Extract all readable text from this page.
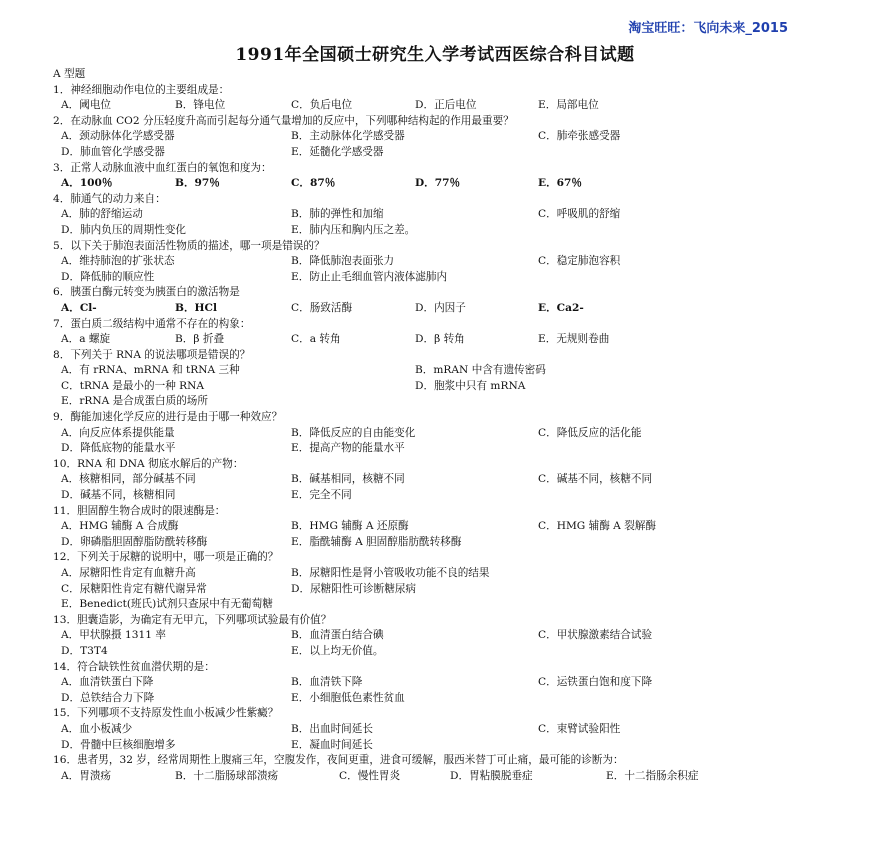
淘宝旺旺：飞向未来_2015
1991年全国硕士研究生入学考试西医综合科目试题
A 型题
1．神经细胞动作电位的主要组成是：
A．阈电位	B．锋电位	C．负后电位	D．正后电位	E．局部电位
2．在动脉血 CO2 分压轻度升高而引起每分通气量增加的反应中，下列哪种结构起的作用最重要？
A．颈动脉体化学感受器	B．主动脉体化学感受器	C．肺牵张感受器
D．肺血管化学感受器	E．延髓化学感受器
3．正常人动脉血液中血红蛋白的氧饱和度为：
A．100％	B．97％	C．87％	D．77％	E．67％
4．肺通气的动力来自：
A．肺的舒缩运动	B．肺的弹性和加缩	C．呼吸肌的舒缩
D．肺内负压的周期性变化	E．肺内压和胸内压之差。
5．以下关于肺泡表面活性物质的描述，哪一项是错误的？
A．维持肺泡的扩张状态	B．降低肺泡表面张力	C．稳定肺泡容积
D．降低肺的顺应性	E．防止止毛细血管内液体滤肺内
6．胰蛋白酶元转变为胰蛋白的激活物是
A．Cl-	B．HCl	C．肠致活酶	D．内因子	E．Ca2-
7．蛋白质二级结构中通常不存在的构象：
A．a 螺旋	B．β 折叠	C．a 转角	D．β 转角	E．无规则卷曲
8．下列关于 RNA 的说法哪项是错误的？
A．有 rRNA、mRNA 和 tRNA 三种	B．mRAN 中含有遗传密码
C．tRNA 是最小的一种 RNA	D．胞浆中只有 mRNA
E．rRNA 是合成蛋白质的场所
9．酶能加速化学反应的进行是由于哪一种效应？
A．向反应体系提供能量	B．降低反应的自由能变化	C．降低反应的活化能
D．降低底物的能量水平	E．提高产物的能量水平
10．RNA 和 DNA 彻底水解后的产物：
A．核糖相同，部分碱基不同	B．碱基相同，核糖不同	C．碱基不同，核糖不同
D．碱基不同，核糖相同	E．完全不同
11．胆固醇生物合成时的限速酶是：
A．HMG 辅酶 A 合成酶	B．HMG 辅酶 A 还原酶	C．HMG 辅酶 A 裂解酶
D．卵磷脂胆固醇脂防酰转移酶	E．脂酰辅酶 A 胆固醇脂肪酰转移酶
12．下列关于尿糖的说明中，哪一项是正确的？
A．尿糖阳性肯定有血糖升高	B．尿糖阳性是肾小管吸收功能不良的结果
C．尿糖阳性肯定有糖代谢异常	D．尿糖阳性可诊断糖尿病
E．Benedict(班氏)试剂只查尿中有无葡萄糖
13．胆囊造影，为确定有无甲亢，下列哪项试验最有价值？
A．甲状腺摄 1311 率	B．血清蛋白结合碘	C．甲状腺激素结合试验
D．T3T4	E．以上均无价值。
14．符合缺铁性贫血潜伏期的是：
A．血清铁蛋白下降	B．血清铁下降	C．运铁蛋白饱和度下降
D．总铁结合力下降	E．小细胞低色素性贫血
15．下列哪项不支持原发性血小板减少性紫癜？
A．血小板减少	B．出血时间延长	C．束臂试验阳性
D．骨髓中巨核细胞增多	E．凝血时间延长
16．患者男，32 岁，经常周期性上腹痛三年，空腹发作，夜间更重，进食可缓解，服西米替丁可止痛，最可能的诊断为：
A．胃溃疡	B．十二脂肠球部溃疡	C．慢性胃炎	D．胃粘膜脱垂症	E．十二指肠余积症
